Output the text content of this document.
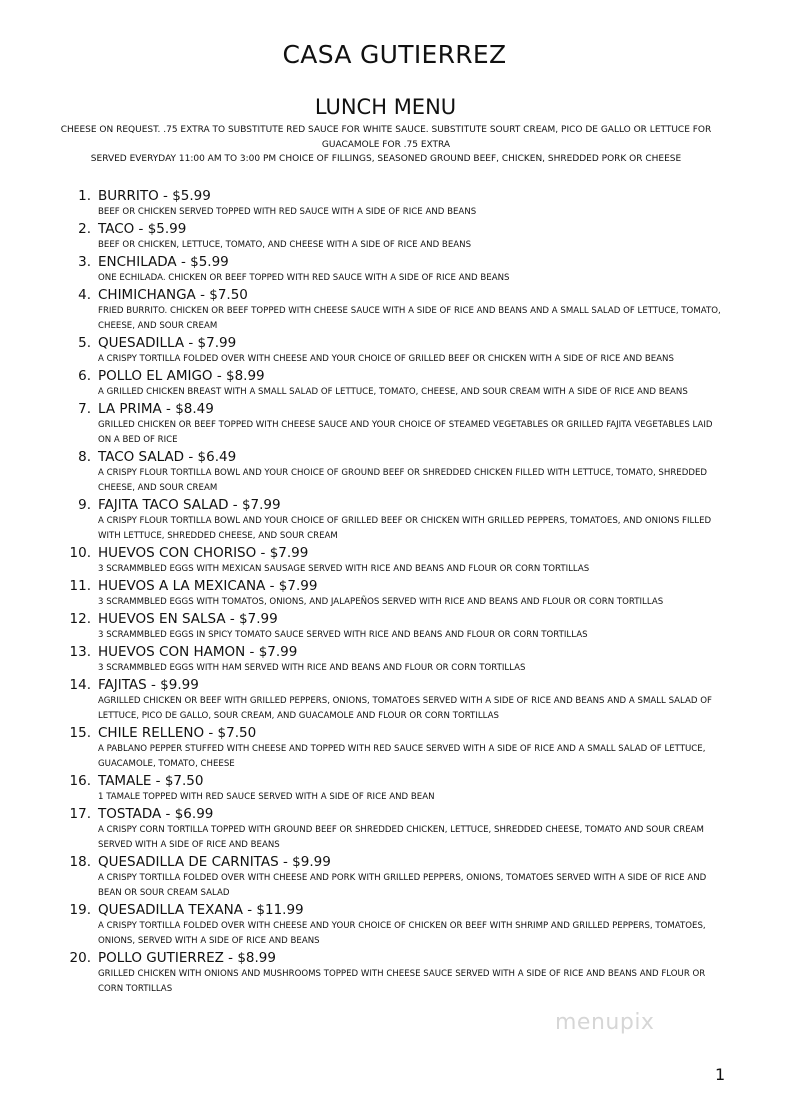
CASA GUTIERREZ
LUNCH MENU
CHEESE ON REQUEST. .75 EXTRA TO SUBSTITUTE RED SAUCE FOR WHITE SAUCE. SUBSTITUTE SOURT CREAM, PICO DE GALLO OR LETTUCE FOR GUACAMOLE FOR .75 EXTRA
SERVED EVERYDAY 11:00 AM TO 3:00 PM CHOICE OF FILLINGS, SEASONED GROUND BEEF, CHICKEN, SHREDDED PORK OR CHEESE
1. BURRITO - $5.99
BEEF OR CHICKEN SERVED TOPPED WITH RED SAUCE WITH A SIDE OF RICE AND BEANS
2. TACO - $5.99
BEEF OR CHICKEN, LETTUCE, TOMATO, AND CHEESE WITH A SIDE OF RICE AND BEANS
3. ENCHILADA - $5.99
ONE ECHILADA. CHICKEN OR BEEF TOPPED WITH RED SAUCE WITH A SIDE OF RICE AND BEANS
4. CHIMICHANGA - $7.50
FRIED BURRITO. CHICKEN OR BEEF TOPPED WITH CHEESE SAUCE WITH A SIDE OF RICE AND BEANS AND A SMALL SALAD OF LETTUCE, TOMATO, CHEESE, AND SOUR CREAM
5. QUESADILLA - $7.99
A CRISPY TORTILLA FOLDED OVER WITH CHEESE AND YOUR CHOICE OF GRILLED BEEF OR CHICKEN WITH A SIDE OF RICE AND BEANS
6. POLLO EL AMIGO - $8.99
A GRILLED CHICKEN BREAST WITH A SMALL SALAD OF LETTUCE, TOMATO, CHEESE, AND SOUR CREAM WITH A SIDE OF RICE AND BEANS
7. LA PRIMA - $8.49
GRILLED CHICKEN OR BEEF TOPPED WITH CHEESE SAUCE AND YOUR CHOICE OF STEAMED VEGETABLES OR GRILLED FAJITA VEGETABLES LAID ON A BED OF RICE
8. TACO SALAD - $6.49
A CRISPY FLOUR TORTILLA BOWL AND YOUR CHOICE OF GROUND BEEF OR SHREDDED CHICKEN FILLED WITH LETTUCE, TOMATO, SHREDDED CHEESE, AND SOUR CREAM
9. FAJITA TACO SALAD - $7.99
A CRISPY FLOUR TORTILLA BOWL AND YOUR CHOICE OF GRILLED BEEF OR CHICKEN WITH GRILLED PEPPERS, TOMATOES, AND ONIONS FILLED WITH LETTUCE, SHREDDED CHEESE, AND SOUR CREAM
10. HUEVOS CON CHORISO - $7.99
3 SCRAMMBLED EGGS WITH MEXICAN SAUSAGE SERVED WITH RICE AND BEANS AND FLOUR OR CORN TORTILLAS
11. HUEVOS A LA MEXICANA - $7.99
3 SCRAMMBLED EGGS WITH TOMATOS, ONIONS, AND JALAPEÑOS SERVED WITH RICE AND BEANS AND FLOUR OR CORN TORTILLAS
12. HUEVOS EN SALSA - $7.99
3 SCRAMMBLED EGGS IN SPICY TOMATO SAUCE SERVED WITH RICE AND BEANS AND FLOUR OR CORN TORTILLAS
13. HUEVOS CON HAMON - $7.99
3 SCRAMMBLED EGGS WITH HAM SERVED WITH RICE AND BEANS AND FLOUR OR CORN TORTILLAS
14. FAJITAS - $9.99
AGRILLED CHICKEN OR BEEF WITH GRILLED PEPPERS, ONIONS, TOMATOES SERVED WITH A SIDE OF RICE AND BEANS AND A SMALL SALAD OF LETTUCE, PICO DE GALLO, SOUR CREAM, AND GUACAMOLE AND FLOUR OR CORN TORTILLAS
15. CHILE RELLENO - $7.50
A PABLANO PEPPER STUFFED WITH CHEESE AND TOPPED WITH RED SAUCE SERVED WITH A SIDE OF RICE AND A SMALL SALAD OF LETTUCE, GUACAMOLE, TOMATO, CHEESE
16. TAMALE - $7.50
1 TAMALE TOPPED WITH RED SAUCE SERVED WITH A SIDE OF RICE AND BEAN
17. TOSTADA - $6.99
A CRISPY CORN TORTILLA TOPPED WITH GROUND BEEF OR SHREDDED CHICKEN, LETTUCE, SHREDDED CHEESE, TOMATO AND SOUR CREAM SERVED WITH A SIDE OF RICE AND BEANS
18. QUESADILLA DE CARNITAS - $9.99
A CRISPY TORTILLA FOLDED OVER WITH CHEESE AND PORK WITH GRILLED PEPPERS, ONIONS, TOMATOES SERVED WITH A SIDE OF RICE AND BEAN OR SOUR CREAM SALAD
19. QUESADILLA TEXANA - $11.99
A CRISPY TORTILLA FOLDED OVER WITH CHEESE AND YOUR CHOICE OF CHICKEN OR BEEF WITH SHRIMP AND GRILLED PEPPERS, TOMATOES, ONIONS, SERVED WITH A SIDE OF RICE AND BEANS
20. POLLO GUTIERREZ - $8.99
GRILLED CHICKEN WITH ONIONS AND MUSHROOMS TOPPED WITH CHEESE SAUCE SERVED WITH A SIDE OF RICE AND BEANS AND FLOUR OR CORN TORTILLAS
menupix
1
